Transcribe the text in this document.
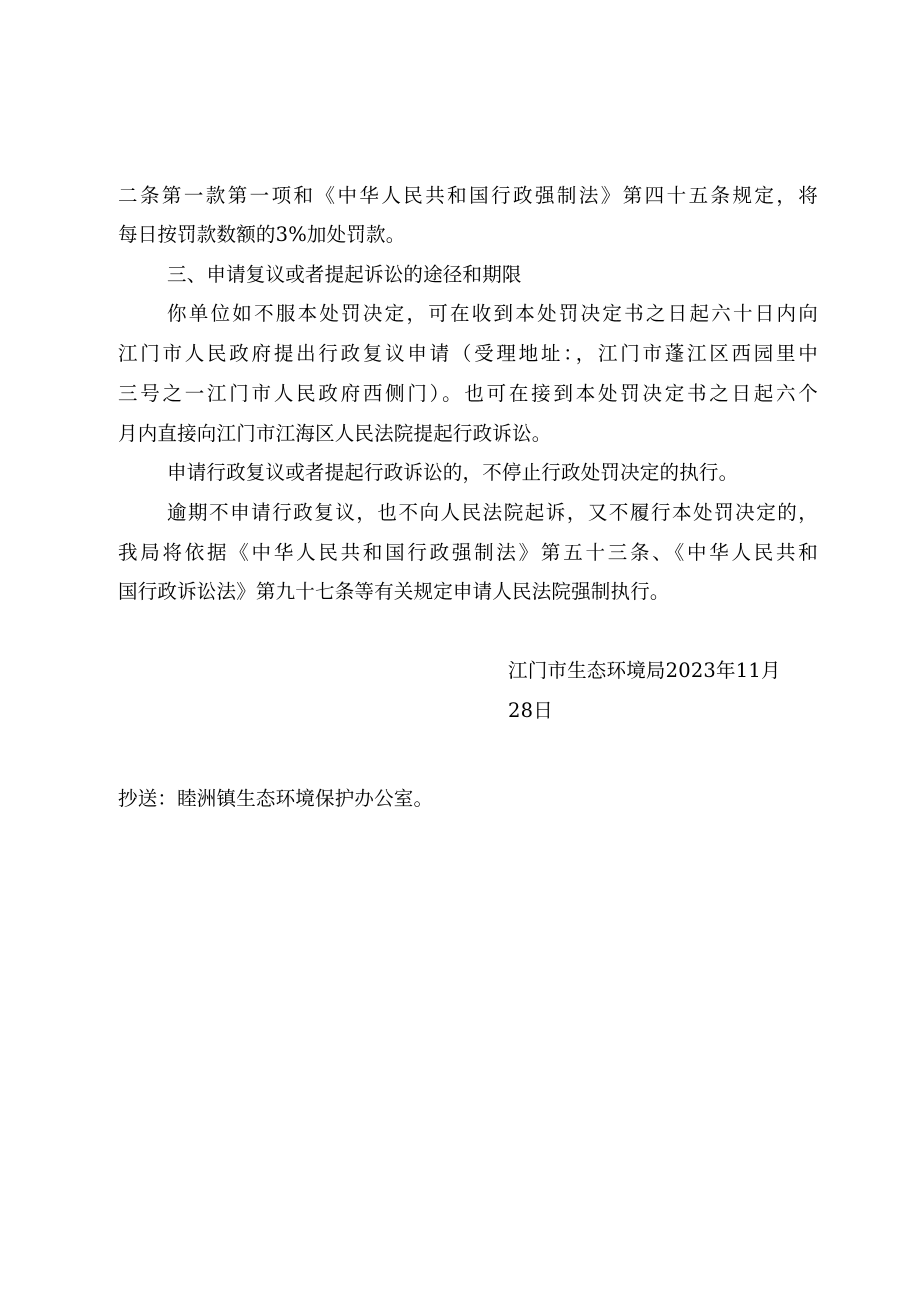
二条第一款第一项和《中华人民共和国行政强制法》第四十五条规定，将
每日按罚款数额的3%加处罚款。
三、申请复议或者提起诉讼的途径和期限
你单位如不服本处罚决定，可在收到本处罚决定书之日起六十日内向
江门市人民政府提出行政复议申请（受理地址：，江门市蓬江区西园里中
三号之一江门市人民政府西侧门）。也可在接到本处罚决定书之日起六个
月内直接向江门市江海区人民法院提起行政诉讼。
申请行政复议或者提起行政诉讼的，不停止行政处罚决定的执行。
逾期不申请行政复议，也不向人民法院起诉，又不履行本处罚决定的，
我局将依据《中华人民共和国行政强制法》第五十三条、《中华人民共和
国行政诉讼法》第九十七条等有关规定申请人民法院强制执行。
江门市生态环境局2023年11月
28日
抄送：睦洲镇生态环境保护办公室。
